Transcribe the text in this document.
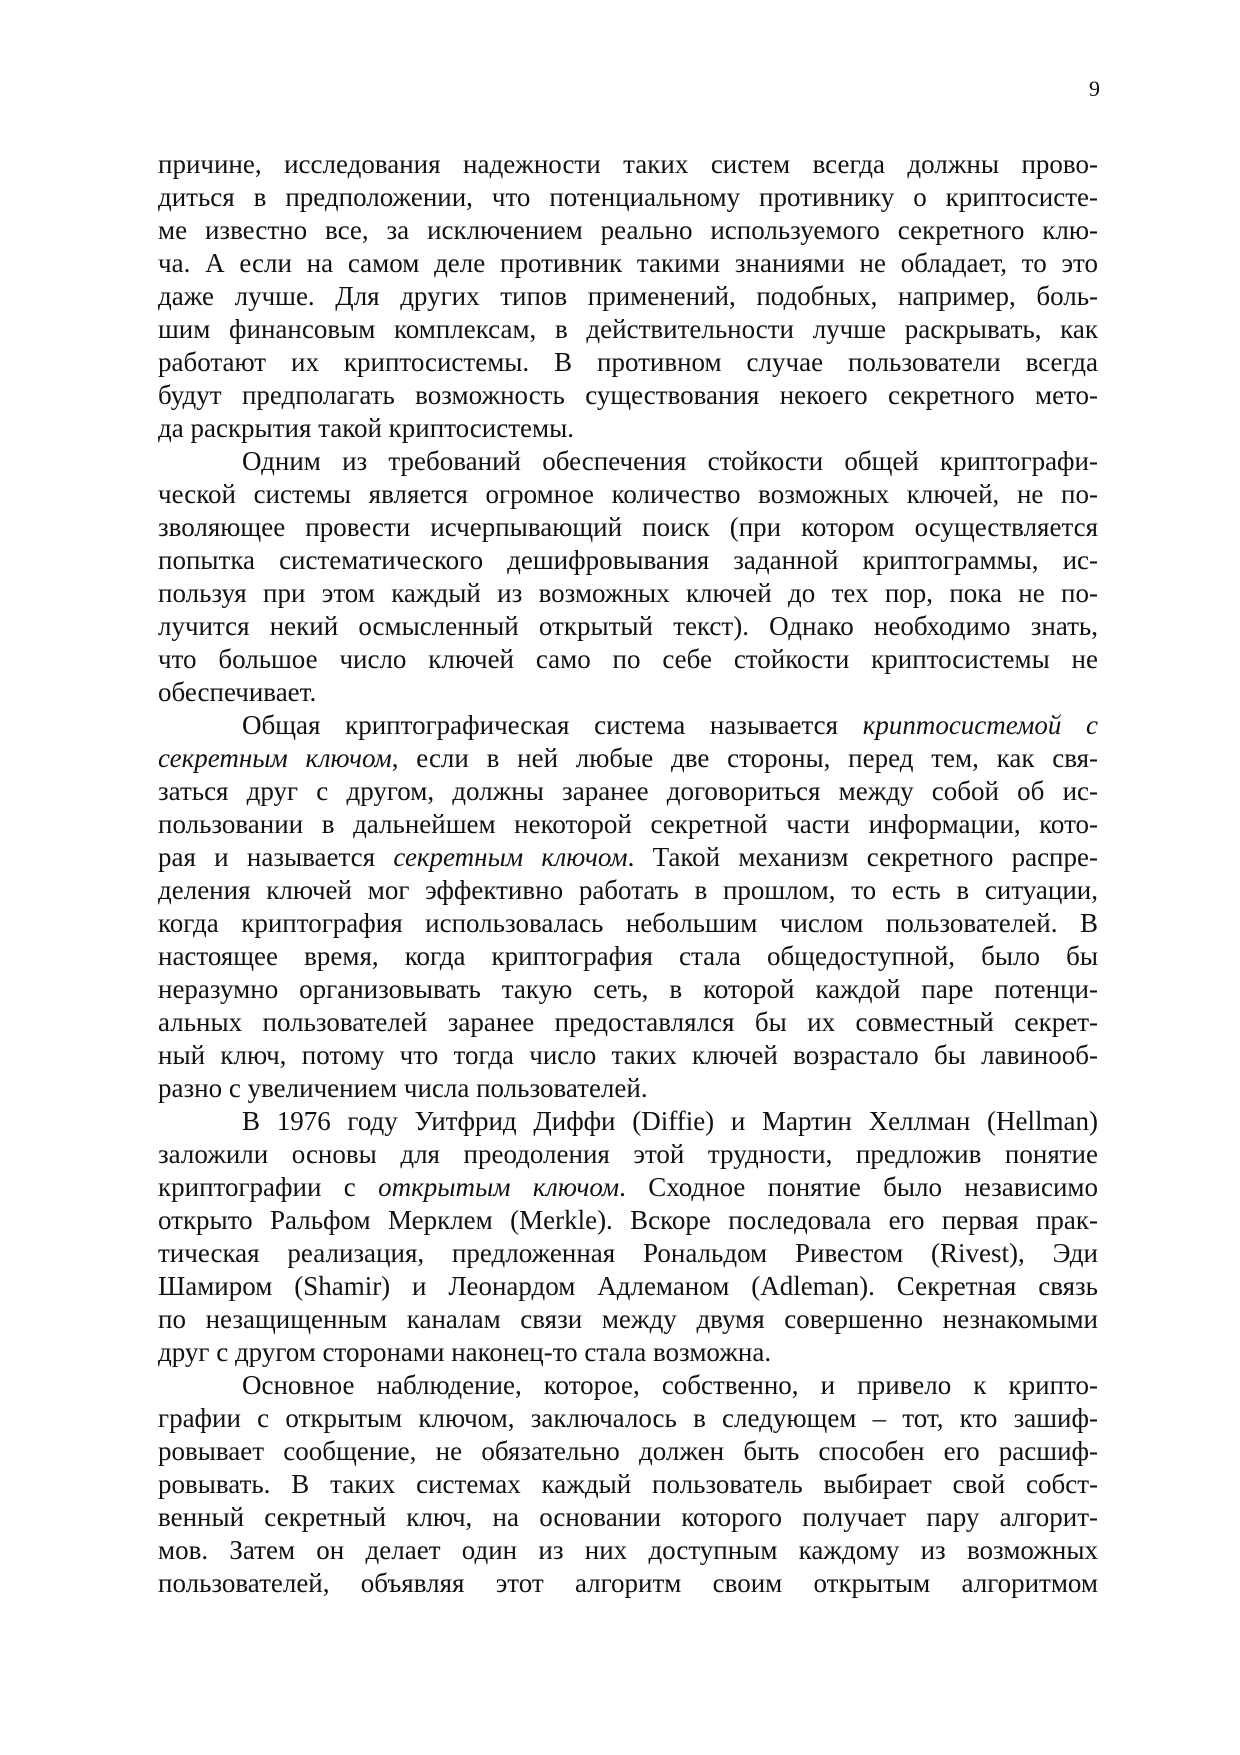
9
причине, исследования надежности таких систем всегда должны прово-
диться в предположении, что потенциальному противнику о криптосисте-
ме известно все, за исключением реально используемого секретного клю-
ча. А если на самом деле противник такими знаниями не обладает, то это
даже лучше. Для других типов применений, подобных, например, боль-
шим финансовым комплексам, в действительности лучше раскрывать, как
работают их криптосистемы. В противном случае пользователи всегда
будут предполагать возможность существования некоего секретного мето-
да раскрытия такой криптосистемы.
Одним из требований обеспечения стойкости общей криптографи-
ческой системы является огромное количество возможных ключей, не по-
зволяющее провести исчерпывающий поиск (при котором осуществляется
попытка систематического дешифровывания заданной криптограммы, ис-
пользуя при этом каждый из возможных ключей до тех пор, пока не по-
лучится некий осмысленный открытый текст). Однако необходимо знать,
что большое число ключей само по себе стойкости криптосистемы не
обеспечивает.
Общая криптографическая система называется криптосистемой с
секретным ключом, если в ней любые две стороны, перед тем, как свя-
заться друг с другом, должны заранее договориться между собой об ис-
пользовании в дальнейшем некоторой секретной части информации, кото-
рая и называется секретным ключом. Такой механизм секретного распре-
деления ключей мог эффективно работать в прошлом, то есть в ситуации,
когда криптография использовалась небольшим числом пользователей. В
настоящее время, когда криптография стала общедоступной, было бы
неразумно организовывать такую сеть, в которой каждой паре потенци-
альных пользователей заранее предоставлялся бы их совместный секрет-
ный ключ, потому что тогда число таких ключей возрастало бы лавинооб-
разно с увеличением числа пользователей.
В 1976 году Уитфрид Диффи (Diffie) и Мартин Хеллман (Hellman)
заложили основы для преодоления этой трудности, предложив понятие
криптографии с открытым ключом. Сходное понятие было независимо
открыто Ральфом Мерклем (Merkle). Вскоре последовала его первая прак-
тическая реализация, предложенная Рональдом Ривестом (Rivest), Эди
Шамиром (Shamir) и Леонардом Адлеманом (Adleman). Секретная связь
по незащищенным каналам связи между двумя совершенно незнакомыми
друг с другом сторонами наконец-то стала возможна.
Основное наблюдение, которое, собственно, и привело к крипто-
графии с открытым ключом, заключалось в следующем – тот, кто зашиф-
ровывает сообщение, не обязательно должен быть способен его расшиф-
ровывать. В таких системах каждый пользователь выбирает свой собст-
венный секретный ключ, на основании которого получает пару алгорит-
мов. Затем он делает один из них доступным каждому из возможных
пользователей, объявляя этот алгоритм своим открытым алгоритмом
